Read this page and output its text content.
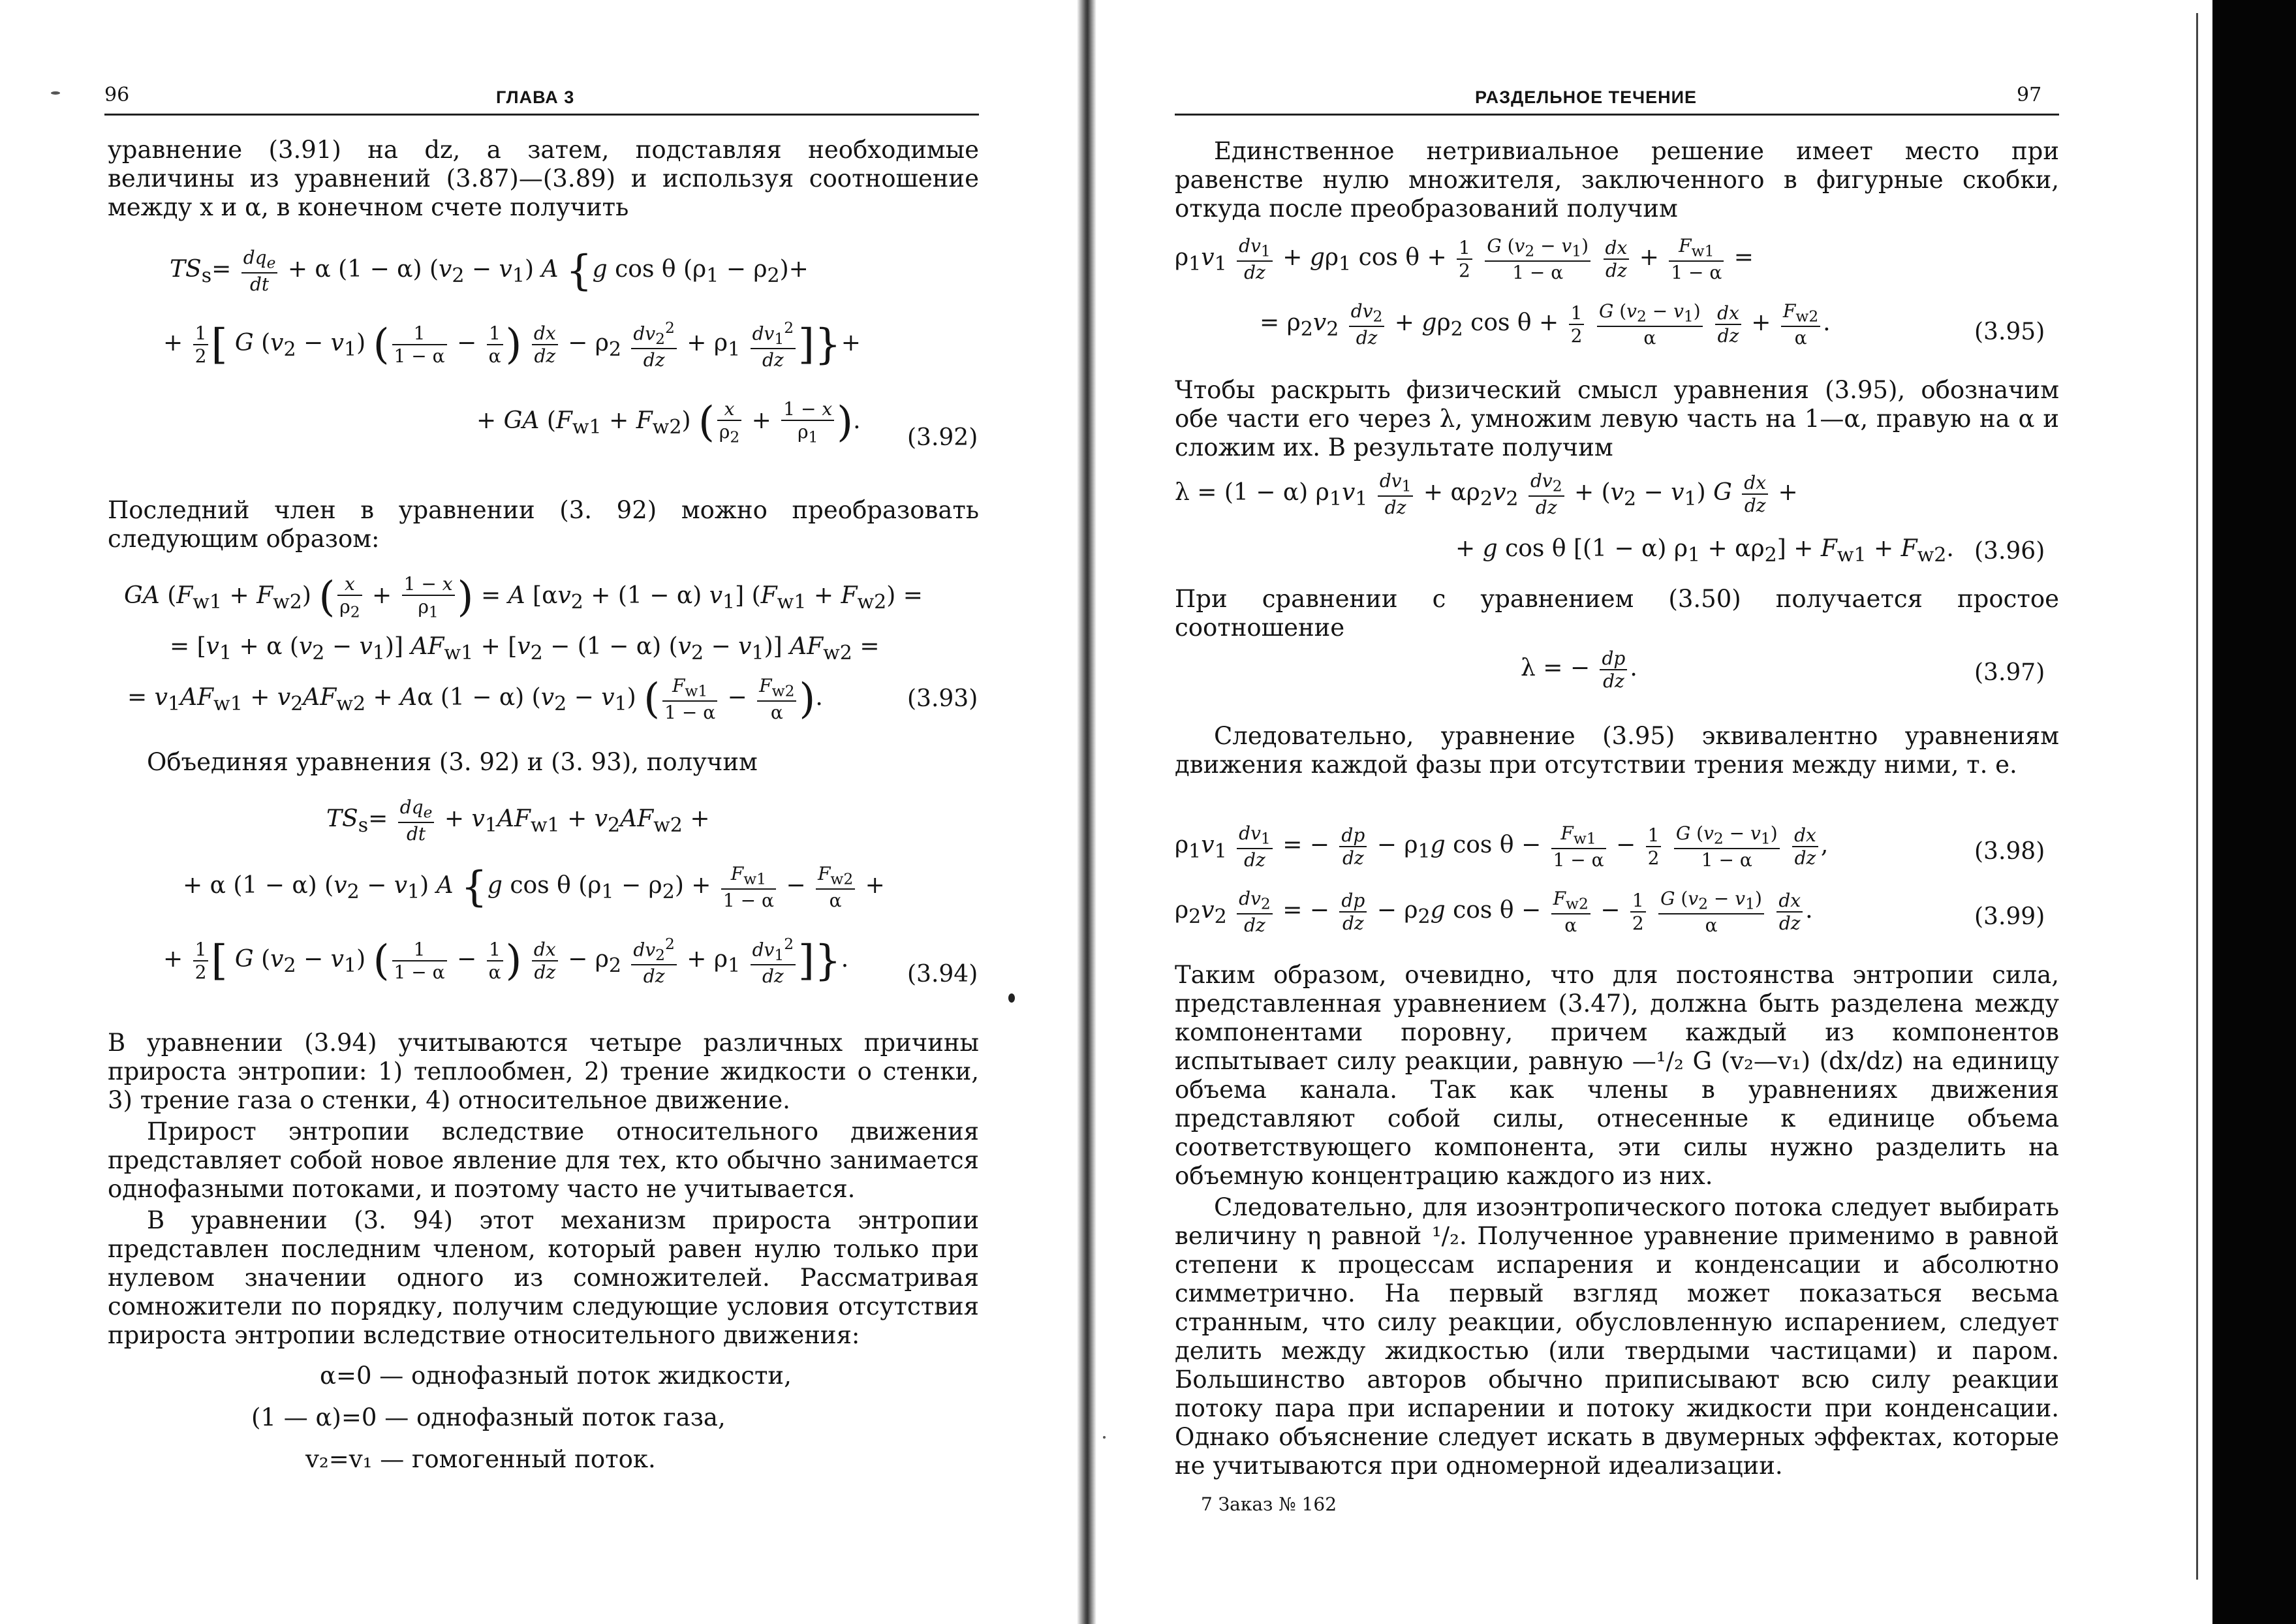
96	ГЛАВА 3

уравнение (3.91) на dz, а затем, подставляя необходимые величины из уравнений (3.87)—(3.89) и используя соотношение между x и α, в конечном счете получить

$TS_s= \frac{dq_e}{dt} + \alpha$ (1 − α) $(v_2 - v_1)$ A {g cos θ $(\rho_1 - \rho_2)+$
+ $\frac{1}{2}$ [ G $(v_2 - v_1)$ ( $\frac{1}{1 - \alpha} - \frac{1}{\alpha}$ ) $\frac{dx}{dz} - \rho_2 \frac{dv_2^2}{dz} + \rho_1 \frac{dv_1^2}{dz}$ ]}+
+ GA $(F_{w1} + F_{w2})$ ( $\frac{x}{\rho_2} + \frac{1 - x}{\rho_1}$ ).
(3.92)

Последний член в уравнении (3. 92) можно преобразовать следующим образом:

GA $(F_{w1} + F_{w2})$ ( $\frac{x}{\rho_2} + \frac{1 - x}{\rho_1}$ ) = A [$\alpha v_2 + (1 - \alpha)$ $v_1$] $(F_{w1} + F_{w2})$ =
= [$v_1 + \alpha$ $(v_2 - v_1)$] $AF_{w1} + [v_2 - (1 - \alpha) (v_2 - v_1)] AF_{w2}$ =
= $v_1AF_{w1} + v_2AF_{w2} + A\alpha$ (1 − α) $(v_2 - v_1)$ ( $\frac{F_{w1}}{1 - \alpha} - \frac{F_{w2}}{\alpha}$ ).	(3.93)

Объединяя уравнения (3. 92) и (3. 93), получим

$TS_s= \frac{dq_e}{dt} + v_1AF_{w1} + v_2AF_{w2}$ +
+ α (1 − α) $(v_2 - v_1)$ A {g cos θ $(\rho_1 - \rho_2) + \frac{F_{w1}}{1 - \alpha} - \frac{F_{w2}}{\alpha}$ +
+ $\frac{1}{2}$ [ G $(v_2 - v_1)$ ( $\frac{1}{1 - \alpha} - \frac{1}{\alpha}$ ) $\frac{dx}{dz} - \rho_2 \frac{dv_2^2}{dz} + \rho_1 \frac{dv_1^2}{dz}$ ]}.
(3.94)

В уравнении (3.94) учитываются четыре различных причины прироста энтропии: 1) теплообмен, 2) трение жидкости о стенки, 3) трение газа о стенки, 4) относительное движение.

Прирост энтропии вследствие относительного движения представляет собой новое явление для тех, кто обычно занимается однофазными потоками, и поэтому часто не учитывается.

В уравнении (3. 94) этот механизм прироста энтропии представлен последним членом, который равен нулю только при нулевом значении одного из сомножителей. Рассматривая сомножители по порядку, получим следующие условия отсутствия прироста энтропии вследствие относительного движения:

α=0 — однофазный поток жидкости,
(1 — α)=0 — однофазный поток газа,
v₂=v₁ — гомогенный поток.
РАЗДЕЛЬНОЕ ТЕЧЕНИЕ	97

Единственное нетривиальное решение имеет место при равенстве нулю множителя, заключенного в фигурные скобки, откуда после преобразований получим

$\rho_1v_1 \frac{dv_1}{dz} + g\rho_1$ $\cos \theta + \frac{1}{2}$
$\frac{G (v_2 - v_1)}{1 - \alpha}$
$\frac{dx}{dz} + \frac{F_{w1}}{1 - \alpha}$ =
= $\rho_2v_2 \frac{dv_2}{dz} + g\rho_2$ $\cos \theta + \frac{1}{2}$
$\frac{G (v_2 - v_1)}{\alpha}$
$\frac{dx}{dz} + \frac{F_{w2}}{\alpha}$ .	(3.95)

Чтобы раскрыть физический смысл уравнения (3.95), обозначим обе части его через λ, умножим левую часть на 1—α, правую на α и сложим их. В результате получим

λ = (1 − α) $\rho_1v_1 \frac{dv_1}{dz} + \alpha\rho_2v_2 \frac{dv_2}{dz} + (v_2 - v_1)$ G $\frac{dx}{dz}$ +
+ g cos θ [(1 − α) $\rho_1 + \alpha\rho_2] + F_{w1} + F_{w2}$. (3.96)

При сравнении с уравнением (3.50) получается простое соотношение

λ = − $\frac{dp}{dz}$ .	(3.97)

Следовательно, уравнение (3.95) эквивалентно уравнениям движения каждой фазы при отсутствии трения между ними, т. е.

$\rho_1v_1 \frac{dv_1}{dz}$ = − $\frac{dp}{dz} - \rho_1g$ $\cos \theta - \frac{F_{w1}}{1 - \alpha} - \frac{1}{2}$
$\frac{G (v_2 - v_1)}{1 - \alpha}$
$\frac{dx}{dz}$ ,	(3.98)
$\rho_2v_2 \frac{dv_2}{dz}$ = − $\frac{dp}{dz} - \rho_2g$ $\cos \theta - \frac{F_{w2}}{\alpha} - \frac{1}{2}$
$\frac{G (v_2 - v_1)}{\alpha}$
$\frac{dx}{dz}$ .	(3.99)

Таким образом, очевидно, что для постоянства энтропии сила, представленная уравнением (3.47), должна быть разделена между компонентами поровну, причем каждый из компонентов испытывает силу реакции, равную —¹/₂ G (v₂—v₁) (dx/dz) на единицу объема канала. Так как члены в уравнениях движения представляют собой силы, отнесенные к единице объема соответствующего компонента, эти силы нужно разделить на объемную концентрацию каждого из них.

Следовательно, для изоэнтропического потока следует выбирать величину η равной ¹/₂. Полученное уравнение применимо в равной степени к процессам испарения и конденсации и абсолютно симметрично. На первый взгляд может показаться весьма странным, что силу реакции, обусловленную испарением, следует делить между жидкостью (или твердыми частицами) и паром. Большинство авторов обычно приписывают всю силу реакции потоку пара при испарении и потоку жидкости при конденсации. Однако объяснение следует искать в двумерных эффектах, которые не учитываются при одномерной идеализации.

7 Заказ № 162
